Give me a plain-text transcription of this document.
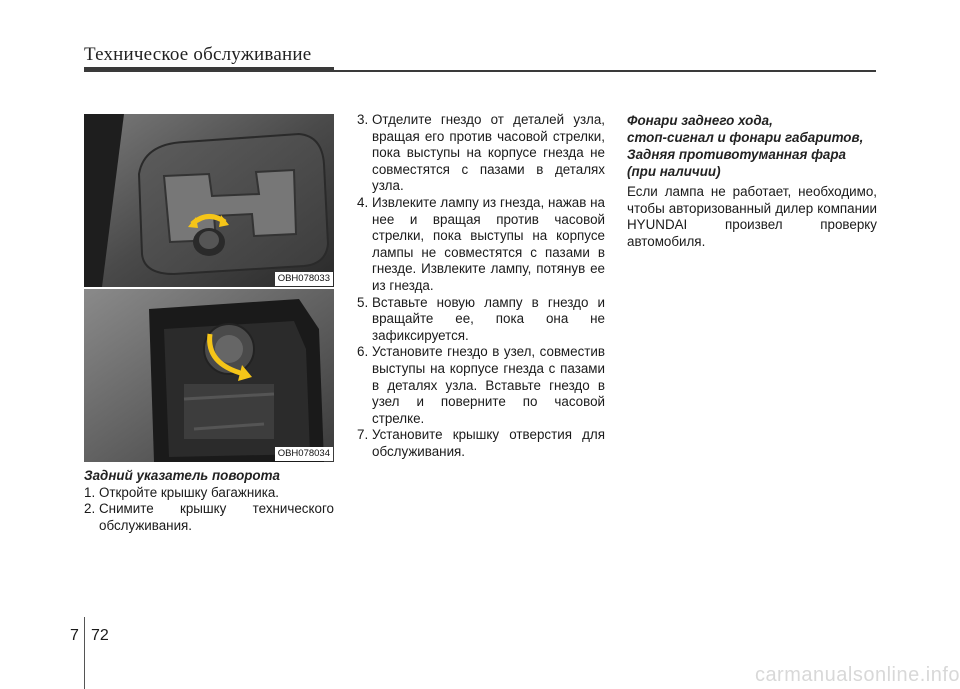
Техническое обслуживание
OBH078033
OBH078034
Задний указатель поворота
1. Откройте крышку багажника.
2. Снимите крышку технического обслуживания.
3. Отделите гнездо от деталей узла, вращая его против часовой стрелки, пока выступы на корпусе гнезда не совместятся с пазами в деталях узла.
4. Извлеките лампу из гнезда, нажав на нее и вращая против часовой стрелки, пока выступы на корпусе лампы не совместятся с пазами в гнезде. Извлеките лампу, потянув ее из гнезда.
5. Вставьте новую лампу в гнездо и вращайте ее, пока она не зафиксируется.
6. Установите гнездо в узел, совместив выступы на корпусе гнезда с пазами в деталях узла. Вставьте гнездо в узел и поверните по часовой стрелке.
7. Установите крышку отверстия для обслуживания.
Фонари заднего хода,
стоп-сигнал и фонари габаритов,
Задняя противотуманная фара
(при наличии)
Если лампа не работает, необходимо, чтобы авторизованный дилер компании HYUNDAI произвел проверку автомобиля.
7 72
carmanualsonline.info
